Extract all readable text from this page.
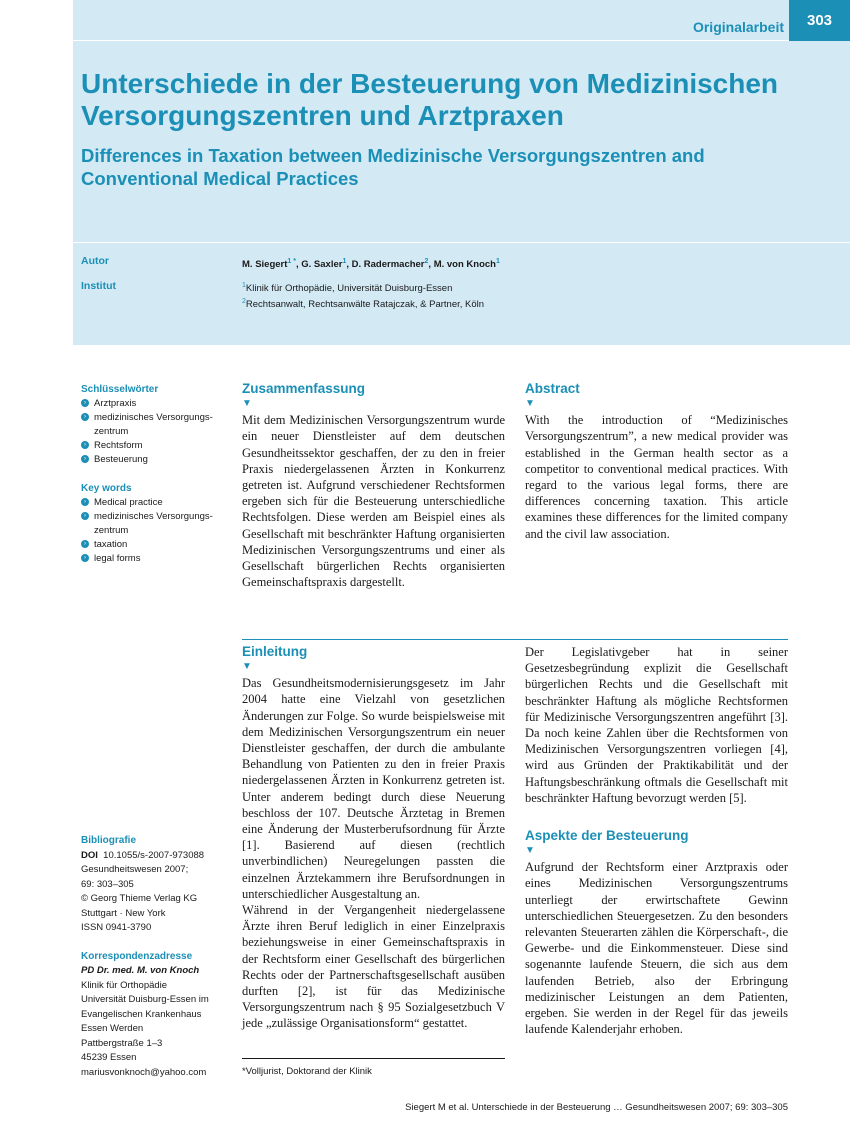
Originalarbeit	303
Unterschiede in der Besteuerung von Medizinischen Versorgungszentren und Arztpraxen
Differences in Taxation between Medizinische Versorgungszentren and Conventional Medical Practices
Autor	M. Siegert$^{1 *}$, G. Saxler$^1$, D. Radermacher$^2$, M. von Knoch$^1$
Institut	$^1$Klinik für Orthopädie, Universität Duisburg-Essen
$^2$Rechtsanwalt, Rechtsanwälte Ratajczak, & Partner, Köln
Schlüsselwörter
› Arztpraxis
› medizinisches Versorgungs-
zentrum
› Rechtsform
› Besteuerung
Key words
› Medical practice
› medizinisches Versorgungs-
zentrum
› taxation
› legal forms
Bibliografie
DOI 10.1055/s-2007-973088
Gesundheitswesen 2007;
69: 303–305
© Georg Thieme Verlag KG
Stuttgart · New York
ISSN 0941-3790
Korrespondenzadresse
PD Dr. med. M. von Knoch
Klinik für Orthopädie
Universität Duisburg-Essen im
Evangelischen Krankenhaus
Essen Werden
Pattbergstraße 1–3
45239 Essen
mariusvonknoch@yahoo.com
Zusammenfassung
▼

Mit dem Medizinischen Versorgungszentrum wurde ein neuer Dienstleister auf dem deutschen Gesundheitssektor geschaffen, der zu den in freier Praxis niedergelassenen Ärzten in Konkurrenz getreten ist. Aufgrund verschiedener Rechtsformen ergeben sich für die Besteuerung unterschiedliche Rechtsfolgen. Diese werden am Beispiel eines als Gesellschaft mit beschränkter Haftung organisierten Medizinischen Versorgungszentrums und einer als Gesellschaft bürgerlichen Rechts organisierten Gemeinschaftspraxis dargestellt.

Abstract
▼

With the introduction of “Medizinisches Versorgungszentrum”, a new medical provider was established in the German health sector as a competitor to conventional medical practices. With regard to the various legal forms, there are differences concerning taxation. This article examines these differences for the limited company and the civil law association.

Einleitung
▼

Das Gesundheitsmodernisierungsgesetz im Jahr 2004 hatte eine Vielzahl von gesetzlichen Änderungen zur Folge. So wurde beispielsweise mit dem Medizinischen Versorgungszentrum ein neuer Dienstleister geschaffen, der durch die ambulante Behandlung von Patienten zu den in freier Praxis niedergelassenen Ärzten in Konkurrenz getreten ist. Unter anderem bedingt durch diese Neuerung beschloss der 107. Deutsche Ärztetag in Bremen eine Änderung der Musterberufsordnung für Ärzte [1]. Basierend auf diesen (rechtlich unverbindlichen) Neuregelungen passten die einzelnen Ärztekammern ihre Berufsordnungen in unterschiedlicher Ausgestaltung an.

Während in der Vergangenheit niedergelassene Ärzte ihren Beruf lediglich in einer Einzelpraxis beziehungsweise in einer Gemeinschaftspraxis in der Rechtsform einer Gesellschaft des bürgerlichen Rechts oder der Partnerschaftsgesellschaft ausüben durften [2], ist für das Medizinische Versorgungszentrum nach § 95 Sozialgesetzbuch V jede „zulässige Organisationsform“ gestattet.

Der Legislativgeber hat in seiner Gesetzesbegründung explizit die Gesellschaft bürgerlichen Rechts und die Gesellschaft mit beschränkter Haftung als mögliche Rechtsformen für Medizinische Versorgungszentren angeführt [3]. Da noch keine Zahlen über die Rechtsformen von Medizinischen Versorgungszentren vorliegen [4], wird aus Gründen der Praktikabilität und der Haftungsbeschränkung oftmals die Gesellschaft mit beschränkter Haftung bevorzugt werden [5].

Aspekte der Besteuerung
▼

Aufgrund der Rechtsform einer Arztpraxis oder eines Medizinischen Versorgungszentrums unterliegt der erwirtschaftete Gewinn unterschiedlichen Steuergesetzen. Zu den besonders relevanten Steuerarten zählen die Körperschaft-, die Gewerbe- und die Einkommensteuer. Diese sind sogenannte laufende Steuern, die sich aus dem laufenden Betrieb, also der Erbringung medizinischer Leistungen an dem Patienten, ergeben. Sie werden in der Regel für das jeweils laufende Kalenderjahr erhoben.

*Volljurist, Doktorand der Klinik
Siegert M et al. Unterschiede in der Besteuerung … Gesundheitswesen 2007; 69: 303–305
